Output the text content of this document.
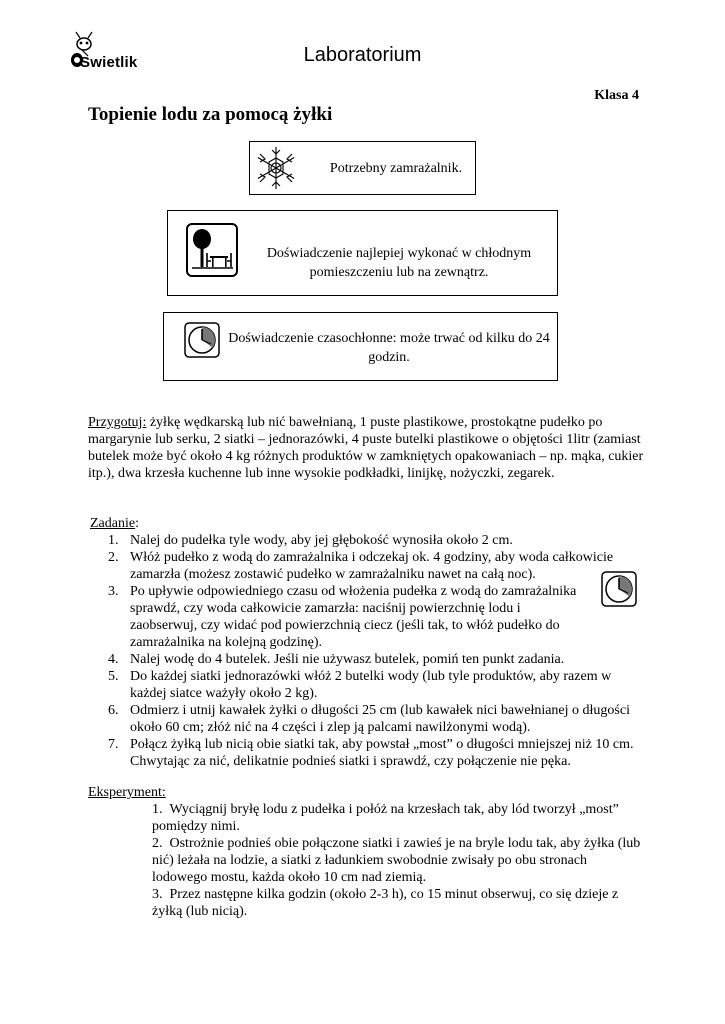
Swietlik	Laboratorium
Klasa 4
Topienie lodu za pomocą żyłki
Potrzebny zamrażalnik.
Doświadczenie najlepiej wykonać w chłodnym pomieszczeniu lub na zewnątrz.
Doświadczenie czasochłonne: może trwać od kilku do 24 godzin.
Przygotuj: żyłkę wędkarską lub nić bawełnianą, 1 puste plastikowe, prostokątne pudełko po margarynie lub serku, 2 siatki – jednorazówki, 4 puste butelki plastikowe o objętości 1litr (zamiast butelek może być około 4 kg różnych produktów w zamkniętych opakowaniach – np. mąka, cukier itp.), dwa krzesła kuchenne lub inne wysokie podkładki, linijkę, nożyczki, zegarek.
Zadanie:
1. Nalej do pudełka tyle wody, aby jej głębokość wynosiła około 2 cm.
2. Włóż pudełko z wodą do zamrażalnika i odczekaj ok. 4 godziny, aby woda całkowicie zamarzła (możesz zostawić pudełko w zamrażalniku nawet na całą noc).
3. Po upływie odpowiedniego czasu od włożenia pudełka z wodą do zamrażalnika sprawdź, czy woda całkowicie zamarzła: naciśnij powierzchnię lodu i zaobserwuj, czy widać pod powierzchnią ciecz (jeśli tak, to włóż pudełko do zamrażalnika na kolejną godzinę).
4. Nalej wodę do 4 butelek. Jeśli nie używasz butelek, pomiń ten punkt zadania.
5. Do każdej siatki jednorazówki włóż 2 butelki wody (lub tyle produktów, aby razem w każdej siatce ważyły około 2 kg).
6. Odmierz i utnij kawałek żyłki o długości 25 cm (lub kawałek nici bawełnianej o długości około 60 cm; złóż nić na 4 części i zlep ją palcami nawilżonymi wodą).
7. Połącz żyłką lub nicią obie siatki tak, aby powstał „most” o długości mniejszej niż 10 cm. Chwytając za nić, delikatnie podnieś siatki i sprawdź, czy połączenie nie pęka.
Eksperyment:

1. Wyciągnij bryłę lodu z pudełka i połóż na krzesłach tak, aby lód tworzył „most” pomiędzy nimi.

2. Ostrożnie podnieś obie połączone siatki i zawieś je na bryle lodu tak, aby żyłka (lub nić) leżała na lodzie, a siatki z ładunkiem swobodnie zwisały po obu stronach lodowego mostu, każda około 10 cm nad ziemią.

3. Przez następne kilka godzin (około 2-3 h), co 15 minut obserwuj, co się dzieje z żyłką (lub nicią).
